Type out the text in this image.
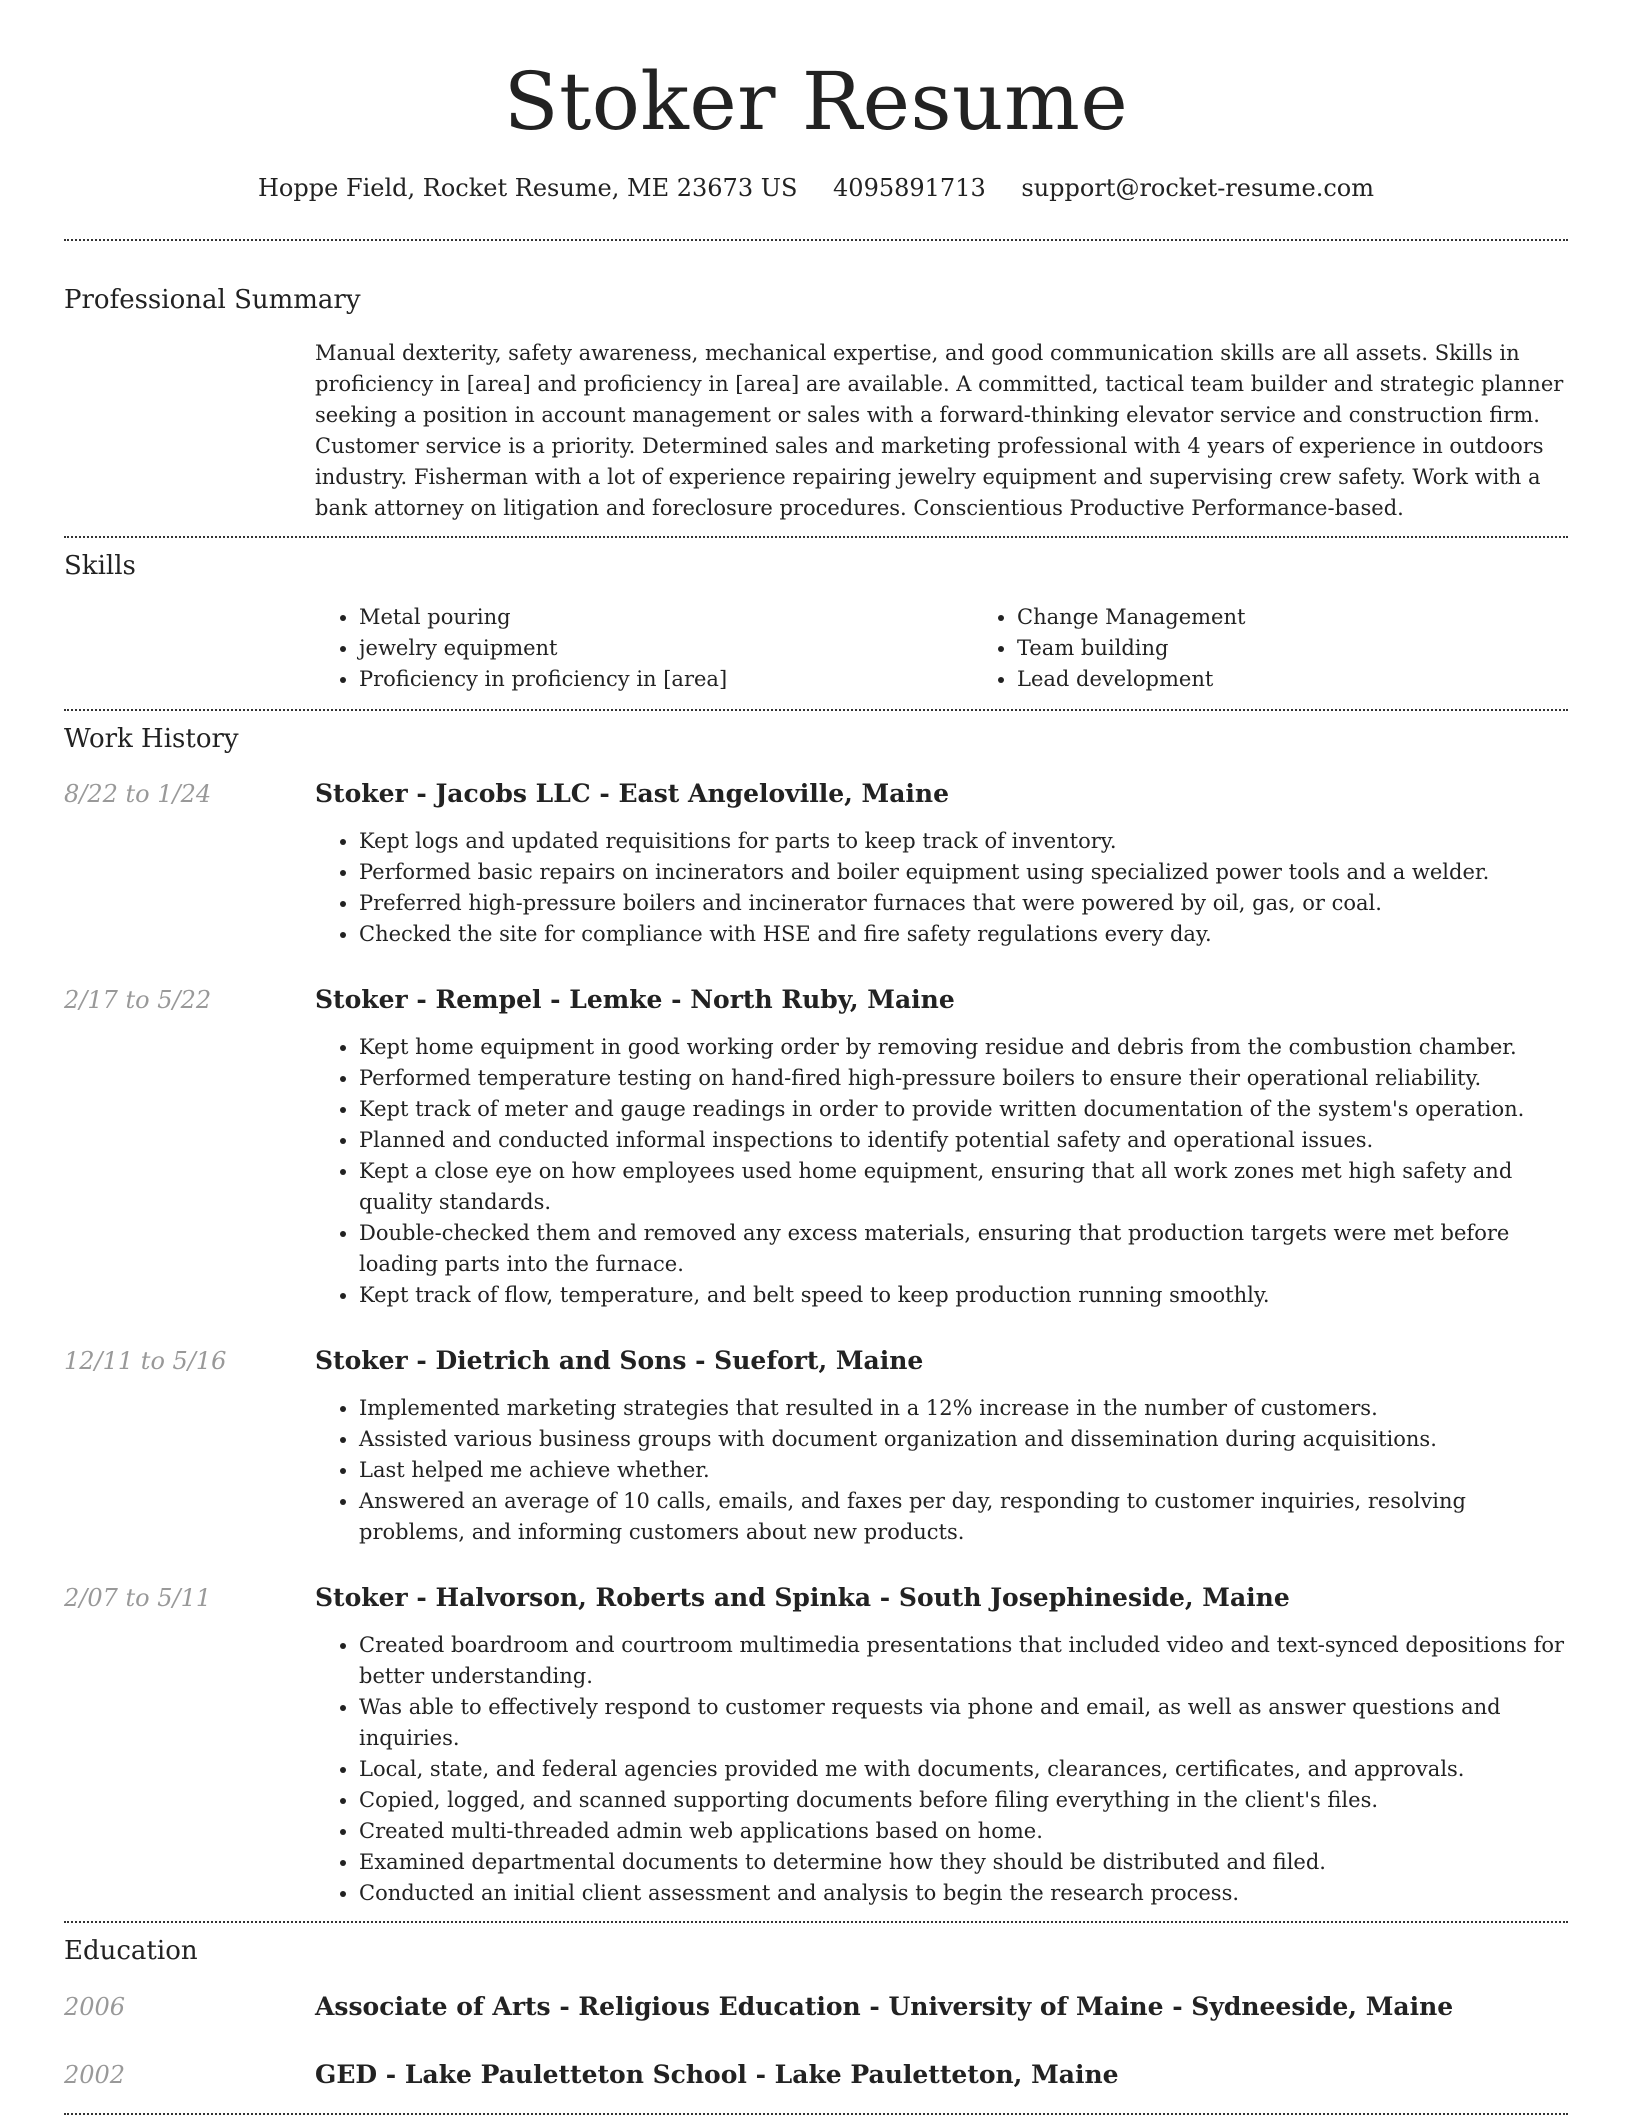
Stoker Resume
Hoppe Field, Rocket Resume, ME 23673 US 4095891713 support@rocket-resume.com
Professional Summary

Manual dexterity, safety awareness, mechanical expertise, and good communication skills are all assets. Skills in proficiency in [area] and proficiency in [area] are available. A committed, tactical team builder and strategic planner seeking a position in account management or sales with a forward-thinking elevator service and construction firm. Customer service is a priority. Determined sales and marketing professional with 4 years of experience in outdoors industry. Fisherman with a lot of experience repairing jewelry equipment and supervising crew safety. Work with a bank attorney on litigation and foreclosure procedures. Conscientious Productive Performance-based.

Skills
• Metal pouring
• jewelry equipment
• Proficiency in proficiency in [area]
• Change Management
• Team building
• Lead development
Work History
8/22 to 1/24	Stoker - Jacobs LLC - East Angeloville, Maine
• Kept logs and updated requisitions for parts to keep track of inventory.
• Performed basic repairs on incinerators and boiler equipment using specialized power tools and a welder.
• Preferred high-pressure boilers and incinerator furnaces that were powered by oil, gas, or coal.
• Checked the site for compliance with HSE and fire safety regulations every day.
2/17 to 5/22	Stoker - Rempel - Lemke - North Ruby, Maine
• Kept home equipment in good working order by removing residue and debris from the combustion chamber.
• Performed temperature testing on hand-fired high-pressure boilers to ensure their operational reliability.
• Kept track of meter and gauge readings in order to provide written documentation of the system's operation.
• Planned and conducted informal inspections to identify potential safety and operational issues.
• Kept a close eye on how employees used home equipment, ensuring that all work zones met high safety and quality standards.
• Double-checked them and removed any excess materials, ensuring that production targets were met before loading parts into the furnace.
• Kept track of flow, temperature, and belt speed to keep production running smoothly.
12/11 to 5/16	Stoker - Dietrich and Sons - Suefort, Maine
• Implemented marketing strategies that resulted in a 12% increase in the number of customers.
• Assisted various business groups with document organization and dissemination during acquisitions.
• Last helped me achieve whether.
• Answered an average of 10 calls, emails, and faxes per day, responding to customer inquiries, resolving problems, and informing customers about new products.
2/07 to 5/11	Stoker - Halvorson, Roberts and Spinka - South Josephineside, Maine
• Created boardroom and courtroom multimedia presentations that included video and text-synced depositions for better understanding.
• Was able to effectively respond to customer requests via phone and email, as well as answer questions and inquiries.
• Local, state, and federal agencies provided me with documents, clearances, certificates, and approvals.
• Copied, logged, and scanned supporting documents before filing everything in the client's files.
• Created multi-threaded admin web applications based on home.
• Examined departmental documents to determine how they should be distributed and filed.
• Conducted an initial client assessment and analysis to begin the research process.
Education
2006	Associate of Arts - Religious Education - University of Maine - Sydneeside, Maine
2002	GED - Lake Pauletteton School - Lake Pauletteton, Maine
